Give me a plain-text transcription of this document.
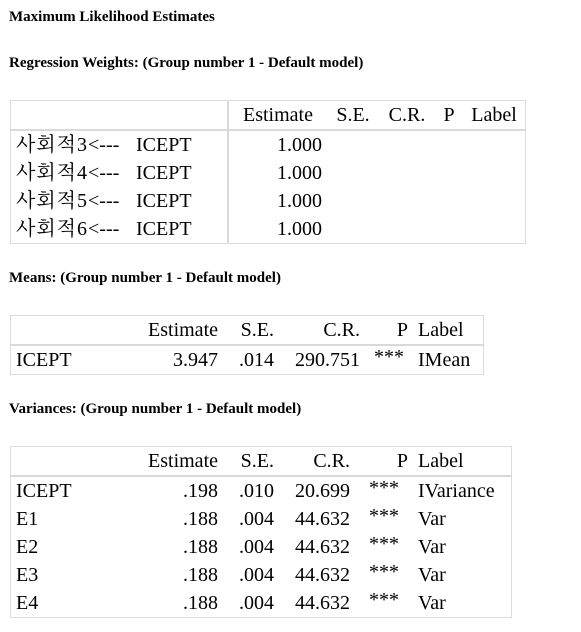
Maximum Likelihood Estimates
Regression Weights: (Group number 1 - Default model)
	Estimate	S.E.	C.R.	P	Label
사회적3<--- ICEPT	1.000				
사회적4<--- ICEPT	1.000				
사회적5<--- ICEPT	1.000				
사회적6<--- ICEPT	1.000				
Means: (Group number 1 - Default model)
	Estimate	S.E.	C.R.	P	Label
ICEPT	3.947	.014	290.751	***	IMean
Variances: (Group number 1 - Default model)
	Estimate	S.E.	C.R.	P	Label
ICEPT	.198	.010	20.699	***	IVariance
E1	.188	.004	44.632	***	Var
E2	.188	.004	44.632	***	Var
E3	.188	.004	44.632	***	Var
E4	.188	.004	44.632	***	Var
